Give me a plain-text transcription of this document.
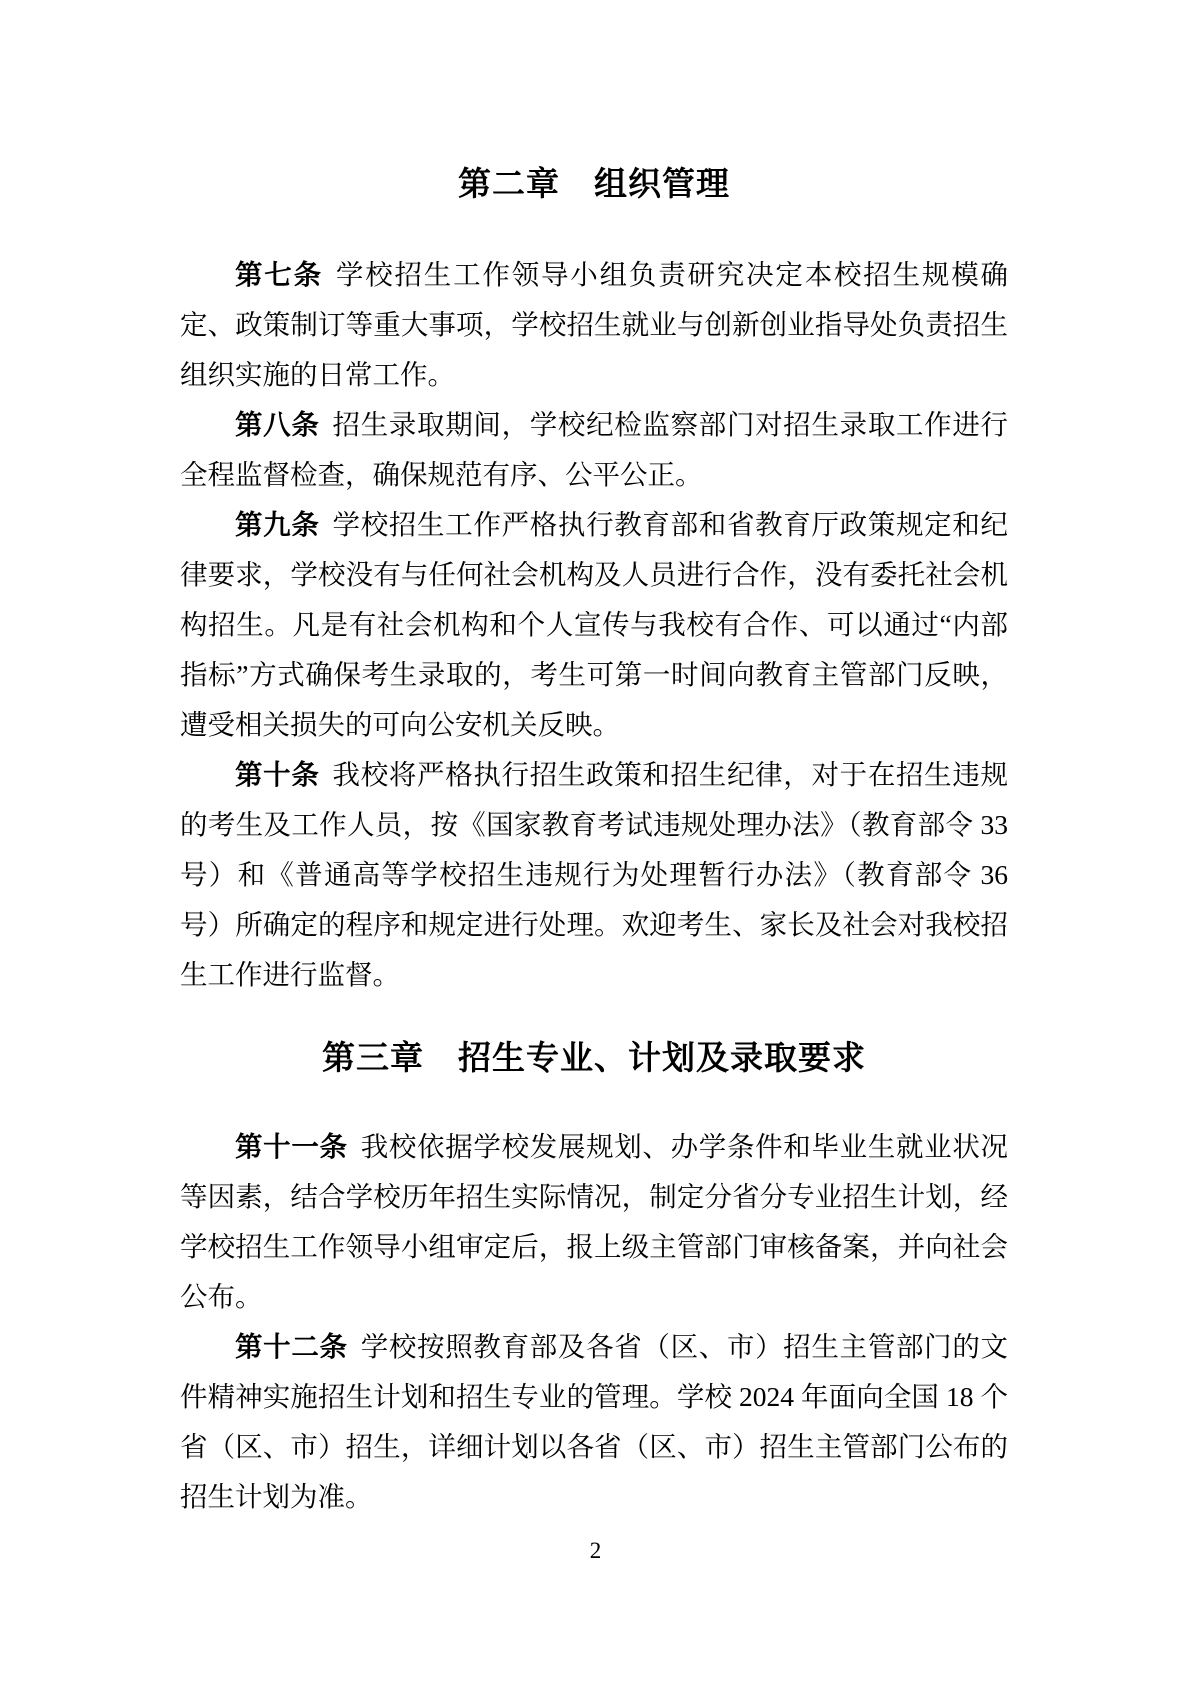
第二章　组织管理

第七条 学校招生工作领导小组负责研究决定本校招生规模确定、政策制订等重大事项，学校招生就业与创新创业指导处负责招生组织实施的日常工作。

第八条 招生录取期间，学校纪检监察部门对招生录取工作进行全程监督检查，确保规范有序、公平公正。

第九条 学校招生工作严格执行教育部和省教育厅政策规定和纪律要求，学校没有与任何社会机构及人员进行合作，没有委托社会机构招生。凡是有社会机构和个人宣传与我校有合作、可以通过“内部指标”方式确保考生录取的，考生可第一时间向教育主管部门反映，遭受相关损失的可向公安机关反映。

第十条 我校将严格执行招生政策和招生纪律，对于在招生违规的考生及工作人员，按《国家教育考试违规处理办法》（教育部令 33 号）和《普通高等学校招生违规行为处理暂行办法》（教育部令 36 号）所确定的程序和规定进行处理。欢迎考生、家长及社会对我校招生工作进行监督。

第三章　招生专业、计划及录取要求

第十一条 我校依据学校发展规划、办学条件和毕业生就业状况等因素，结合学校历年招生实际情况，制定分省分专业招生计划，经学校招生工作领导小组审定后，报上级主管部门审核备案，并向社会公布。

第十二条 学校按照教育部及各省（区、市）招生主管部门的文件精神实施招生计划和招生专业的管理。学校 2024 年面向全国 18 个省（区、市）招生，详细计划以各省（区、市）招生主管部门公布的招生计划为准。

2
